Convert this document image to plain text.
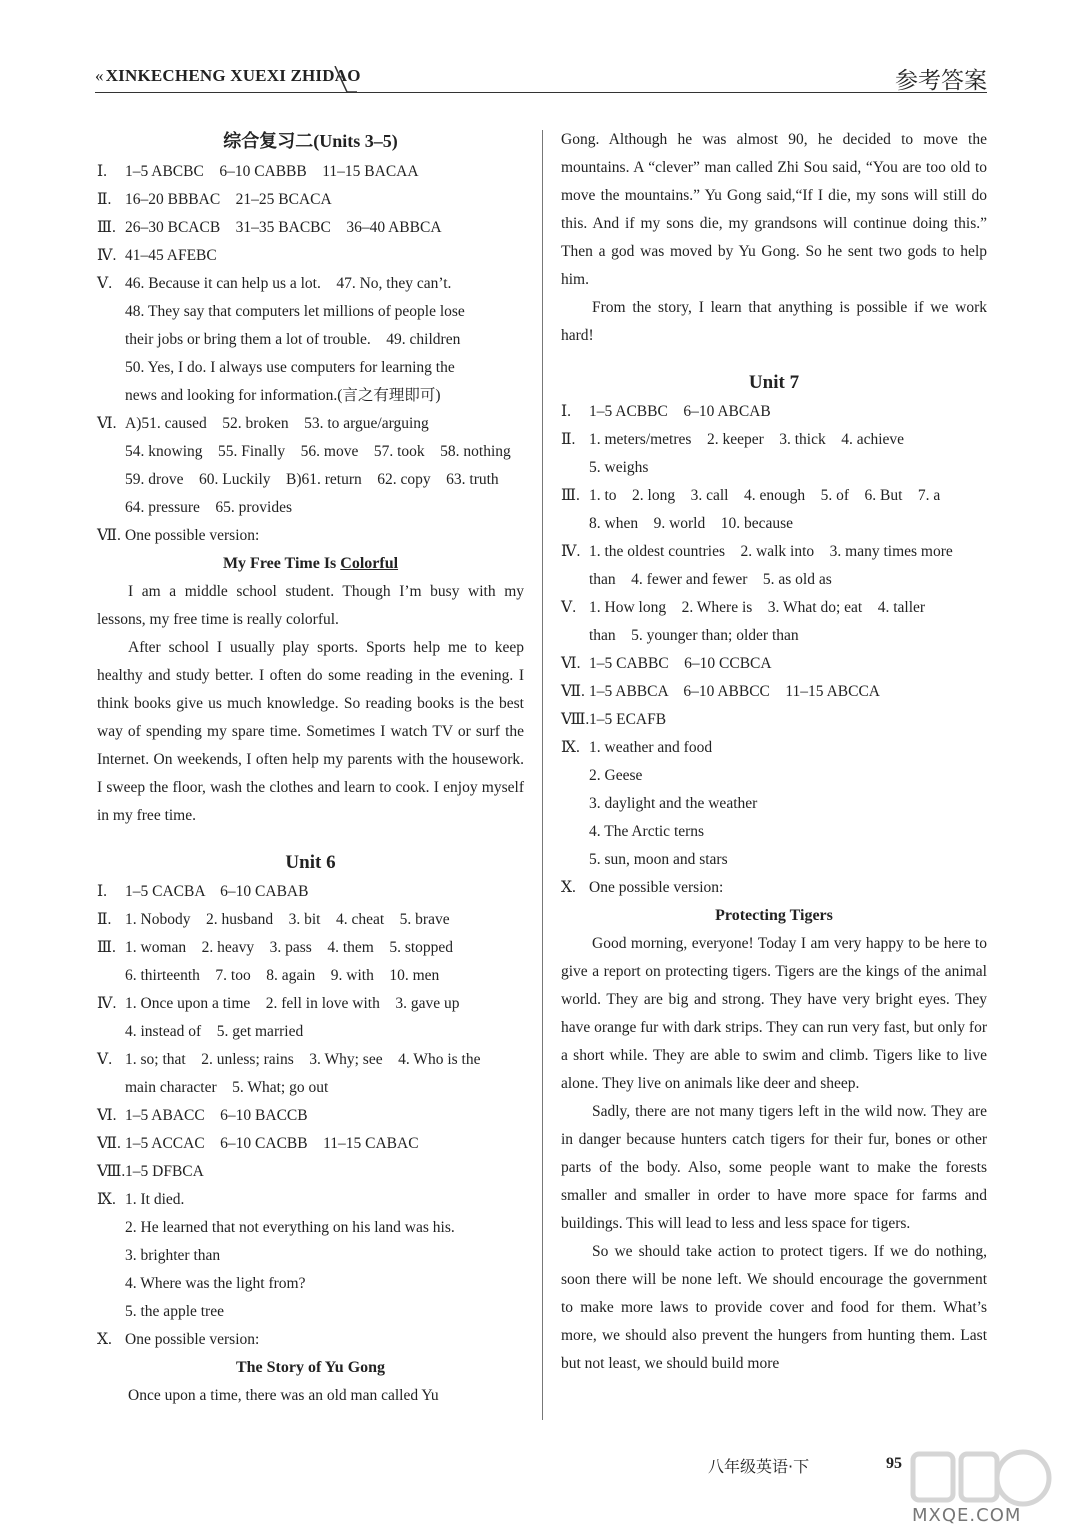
« XINKECHENG XUEXI ZHIDAO	参考答案
综合复习二(Units 3–5)
Ⅰ.	1–5 ABCBC　6–10 CABBB　11–15 BACAA
Ⅱ. 16–20 BBBAC　21–25 BCACA
Ⅲ. 26–30 BCACB　31–35 BACBC　36–40 ABBCA
Ⅳ. 41–45 AFEBC
Ⅴ. 46. Because it can help us a lot.　47. No, they can’t.
48. They say that computers let millions of people lose
their jobs or bring them a lot of trouble.　49. children
50. Yes, I do. I always use computers for learning the
news and looking for information.(言之有理即可)
Ⅵ. A)51. caused　52. broken　53. to argue/arguing
54. knowing　55. Finally　56. move　57. took　58. nothing
59. drove　60. Luckily　B)61. return　62. copy　63. truth
64. pressure　65. provides
Ⅶ. One possible version:
My Free Time Is Colorful
I am a middle school student. Though I’m busy with my lessons, my free time is really colorful.
After school I usually play sports. Sports help me to keep healthy and study better. I often do some reading in the evening. I think books give us much knowledge. So reading books is the best way of spending my spare time. Sometimes I watch TV or surf the Internet. On weekends, I often help my parents with the housework. I sweep the floor, wash the clothes and learn to cook. I enjoy myself in my free time.
Unit 6
Ⅰ.	1–5 CACBA　6–10 CABAB
Ⅱ. 1. Nobody　2. husband　3. bit　4. cheat　5. brave
Ⅲ. 1. woman　2. heavy　3. pass　4. them　5. stopped
6. thirteenth　7. too　8. again　9. with　10. men
Ⅳ. 1. Once upon a time　2. fell in love with　3. gave up
4. instead of　5. get married
Ⅴ. 1. so; that　2. unless; rains　3. Why; see　4. Who is the
main character　5. What; go out
Ⅵ. 1–5 ABACC　6–10 BACCB
Ⅶ. 1–5 ACCAC　6–10 CACBB　11–15 CABAC
Ⅷ. 1–5 DFBCA
Ⅸ. 1. It died.
2. He learned that not everything on his land was his.
3. brighter than
4. Where was the light from?
5. the apple tree
Ⅹ. One possible version:
The Story of Yu Gong
Once upon a time, there was an old man called Yu
Gong. Although he was almost 90, he decided to move the mountains. A “clever” man called Zhi Sou said, “You are too old to move the mountains.” Yu Gong said,“If I die, my sons will still do this. And if my sons die, my grandsons will continue doing this.” Then a god was moved by Yu Gong. So he sent two gods to help him.
From the story, I learn that anything is possible if we work hard!
Unit 7
Ⅰ.	1–5 ACBBC　6–10 ABCAB
Ⅱ. 1. meters/metres　2. keeper　3. thick　4. achieve
5. weighs
Ⅲ. 1. to　2. long　3. call　4. enough　5. of　6. But　7. a
8. when　9. world　10. because
Ⅳ. 1. the oldest countries　2. walk into　3. many times more
than　4. fewer and fewer　5. as old as
Ⅴ. 1. How long　2. Where is　3. What do; eat　4. taller
than　5. younger than; older than
Ⅵ. 1–5 CABBC　6–10 CCBCA
Ⅶ. 1–5 ABBCA　6–10 ABBCC　11–15 ABCCA
Ⅷ. 1–5 ECAFB
Ⅸ. 1. weather and food
2. Geese
3. daylight and the weather
4. The Arctic terns
5. sun, moon and stars
Ⅹ. One possible version:
Protecting Tigers
Good morning, everyone! Today I am very happy to be here to give a report on protecting tigers. Tigers are the kings of the animal world. They are big and strong. They have very bright eyes. They have orange fur with dark strips. They can run very fast, but only for a short while. They are able to swim and climb. Tigers like to live alone. They live on animals like deer and sheep.
Sadly, there are not many tigers left in the wild now. They are in danger because hunters catch tigers for their fur, bones or other parts of the body. Also, some people want to make the forests smaller and smaller in order to have more space for farms and buildings. This will lead to less and less space for tigers.
So we should take action to protect tigers. If we do nothing, soon there will be none left. We should encourage the government to make more laws to provide cover and food for them. What’s more, we should also prevent the hungers from hunting them. Last but not least, we should build more
八年级英语·下	95
MXQE.COM
